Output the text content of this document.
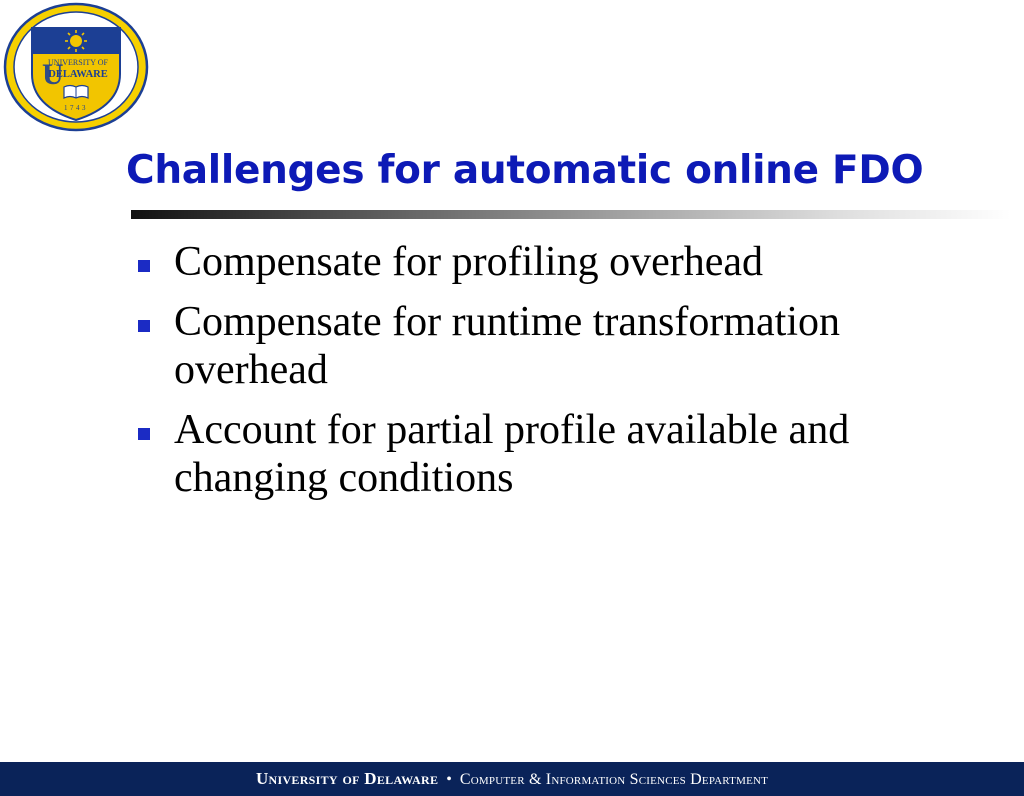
UNIVERSITY OF
DELAWARE
U
1743
Challenges for automatic online FDO
Compensate for profiling overhead
Compensate for runtime transformation overhead
Account for partial profile available and changing conditions
University of Delaware • Computer & Information Sciences Department
